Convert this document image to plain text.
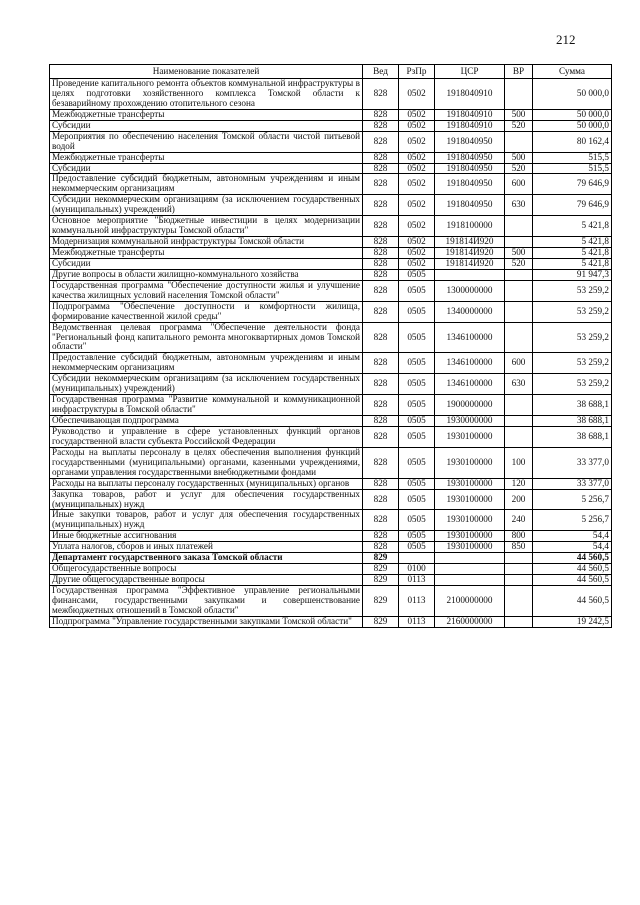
212
Наименование показателей	Вед	РзПр	ЦСР	ВР	Сумма
Проведение капитального ремонта объектов коммунальной инфраструктуры в целях подготовки хозяйственного комплекса Томской области к безаварийному прохождению отопительного сезона	828	0502	1918040910		50 000,0
Межбюджетные трансферты	828	0502	1918040910	500	50 000,0
Субсидии	828	0502	1918040910	520	50 000,0
Мероприятия по обеспечению населения Томской области чистой питьевой водой	828	0502	1918040950		80 162,4
Межбюджетные трансферты	828	0502	1918040950	500	515,5
Субсидии	828	0502	1918040950	520	515,5
Предоставление субсидий бюджетным, автономным учреждениям и иным некоммерческим организациям	828	0502	1918040950	600	79 646,9
Субсидии некоммерческим организациям (за исключением государственных (муниципальных) учреждений)	828	0502	1918040950	630	79 646,9
Основное мероприятие "Бюджетные инвестиции в целях модернизации коммунальной инфраструктуры Томской области"	828	0502	1918100000		5 421,8
Модернизация коммунальной инфраструктуры Томской области	828	0502	191814И920		5 421,8
Межбюджетные трансферты	828	0502	191814И920	500	5 421,8
Субсидии	828	0502	191814И920	520	5 421,8
Другие вопросы в области жилищно-коммунального хозяйства	828	0505			91 947,3
Государственная программа "Обеспечение доступности жилья и улучшение качества жилищных условий населения Томской области"	828	0505	1300000000		53 259,2
Подпрограмма "Обеспечение доступности и комфортности жилища, формирование качественной жилой среды"	828	0505	1340000000		53 259,2
Ведомственная целевая программа "Обеспечение деятельности фонда "Региональный фонд капитального ремонта многоквартирных домов Томской области"	828	0505	1346100000		53 259,2
Предоставление субсидий бюджетным, автономным учреждениям и иным некоммерческим организациям	828	0505	1346100000	600	53 259,2
Субсидии некоммерческим организациям (за исключением государственных (муниципальных) учреждений)	828	0505	1346100000	630	53 259,2
Государственная программа "Развитие коммунальной и коммуникационной инфраструктуры в Томской области"	828	0505	1900000000		38 688,1
Обеспечивающая подпрограмма	828	0505	1930000000		38 688,1
Руководство и управление в сфере установленных функций органов государственной власти субъекта Российской Федерации	828	0505	1930100000		38 688,1
Расходы на выплаты персоналу в целях обеспечения выполнения функций государственными (муниципальными) органами, казенными учреждениями, органами управления государственными внебюджетными фондами	828	0505	1930100000	100	33 377,0
Расходы на выплаты персоналу государственных (муниципальных) органов	828	0505	1930100000	120	33 377,0
Закупка товаров, работ и услуг для обеспечения государственных (муниципальных) нужд	828	0505	1930100000	200	5 256,7
Иные закупки товаров, работ и услуг для обеспечения государственных (муниципальных) нужд	828	0505	1930100000	240	5 256,7
Иные бюджетные ассигнования	828	0505	1930100000	800	54,4
Уплата налогов, сборов и иных платежей	828	0505	1930100000	850	54,4
Департамент государственного заказа Томской области	829				44 560,5
Общегосударственные вопросы	829	0100			44 560,5
Другие общегосударственные вопросы	829	0113			44 560,5
Государственная программа "Эффективное управление региональными финансами, государственными закупками и совершенствование межбюджетных отношений в Томской области"	829	0113	2100000000		44 560,5
Подпрограмма "Управление государственными закупками Томской области"	829	0113	2160000000		19 242,5
